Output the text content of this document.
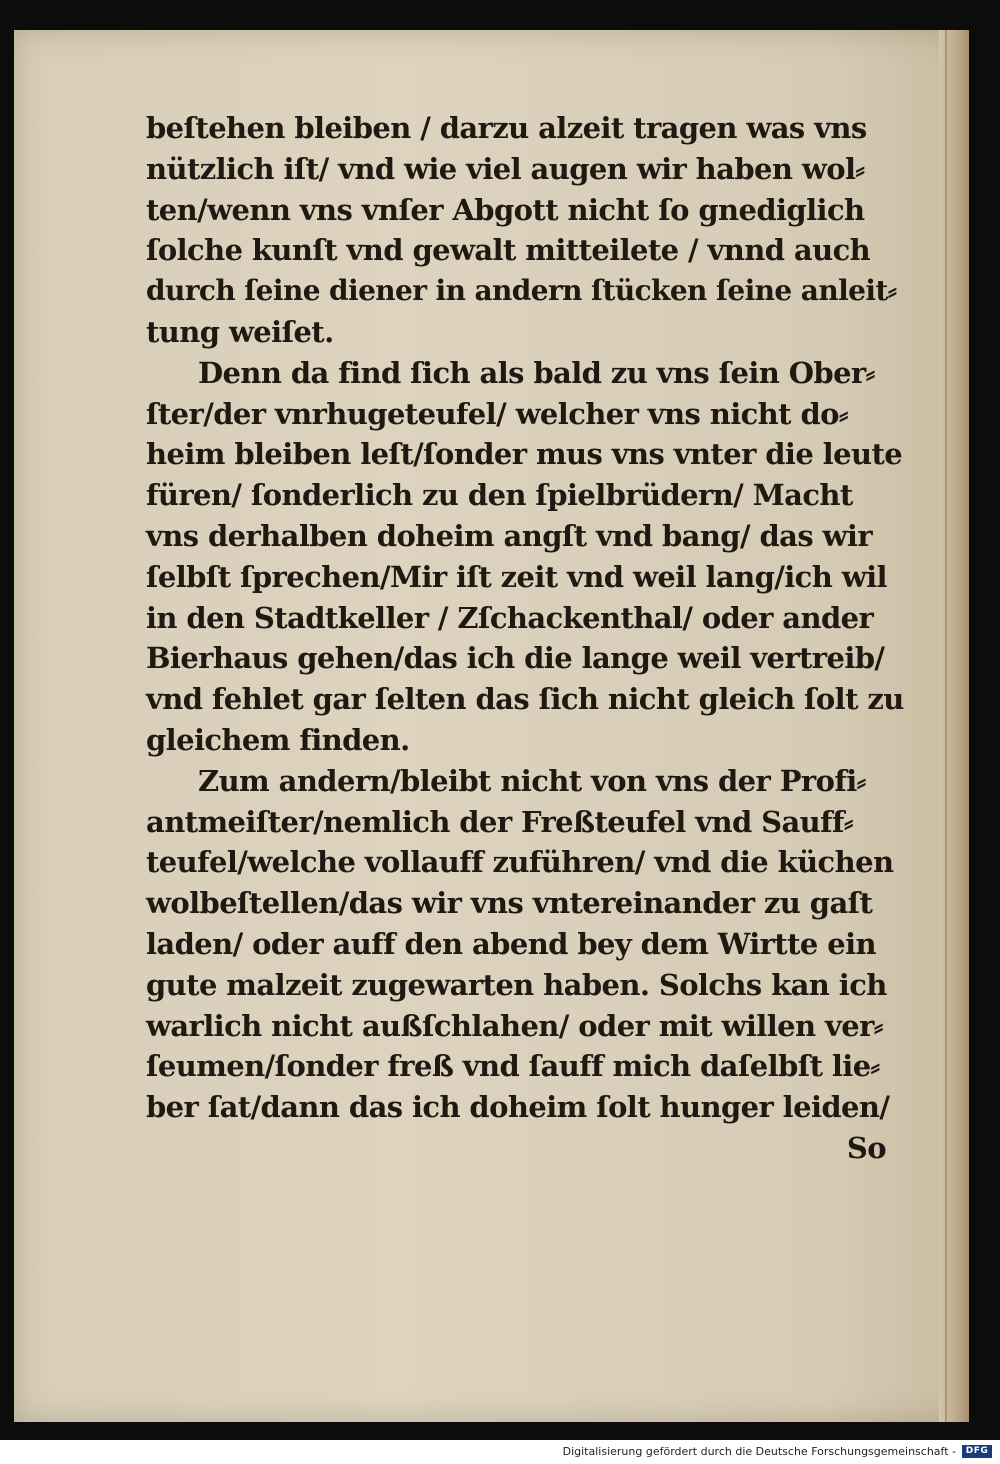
beſtehen bleiben / darzu alzeit tragen was vns
nützlich iſt/ vnd wie viel augen wir haben wol⸗
ten/wenn vns vnſer Abgott nicht ſo gnediglich
ſolche kunſt vnd gewalt mitteilete / vnnd auch
durch ſeine diener in andern ſtücken ſeine anleit⸗
tung weiſet.
Denn da find ſich als bald zu vns ſein Ober⸗
ſter/der vnrhugeteufel/ welcher vns nicht do⸗
heim bleiben leſt/ſonder mus vns vnter die leute
füren/ ſonderlich zu den ſpielbrüdern/ Macht
vns derhalben doheim angſt vnd bang/ das wir
ſelbſt ſprechen/Mir iſt zeit vnd weil lang/ich wil
in den Stadtkeller / Zſchackenthal/ oder ander
Bierhaus gehen/das ich die lange weil vertreib/
vnd fehlet gar ſelten das ſich nicht gleich ſolt zu
gleichem finden.
Zum andern/bleibt nicht von vns der Profi⸗
antmeiſter/nemlich der Freßteufel vnd Sauff⸗
teufel/welche vollauff zuführen/ vnd die küchen
wolbeſtellen/das wir vns vntereinander zu gaſt
laden/ oder auff den abend bey dem Wirtte ein
gute malzeit zugewarten haben. Solchs kan ich
warlich nicht außſchlahen/ oder mit willen ver⸗
ſeumen/ſonder freß vnd ſauff mich daſelbſt lie⸗
ber ſat/dann das ich doheim ſolt hunger leiden/
So
Digitalisierung gefördert durch die Deutsche Forschungsgemeinschaft -	DFG
